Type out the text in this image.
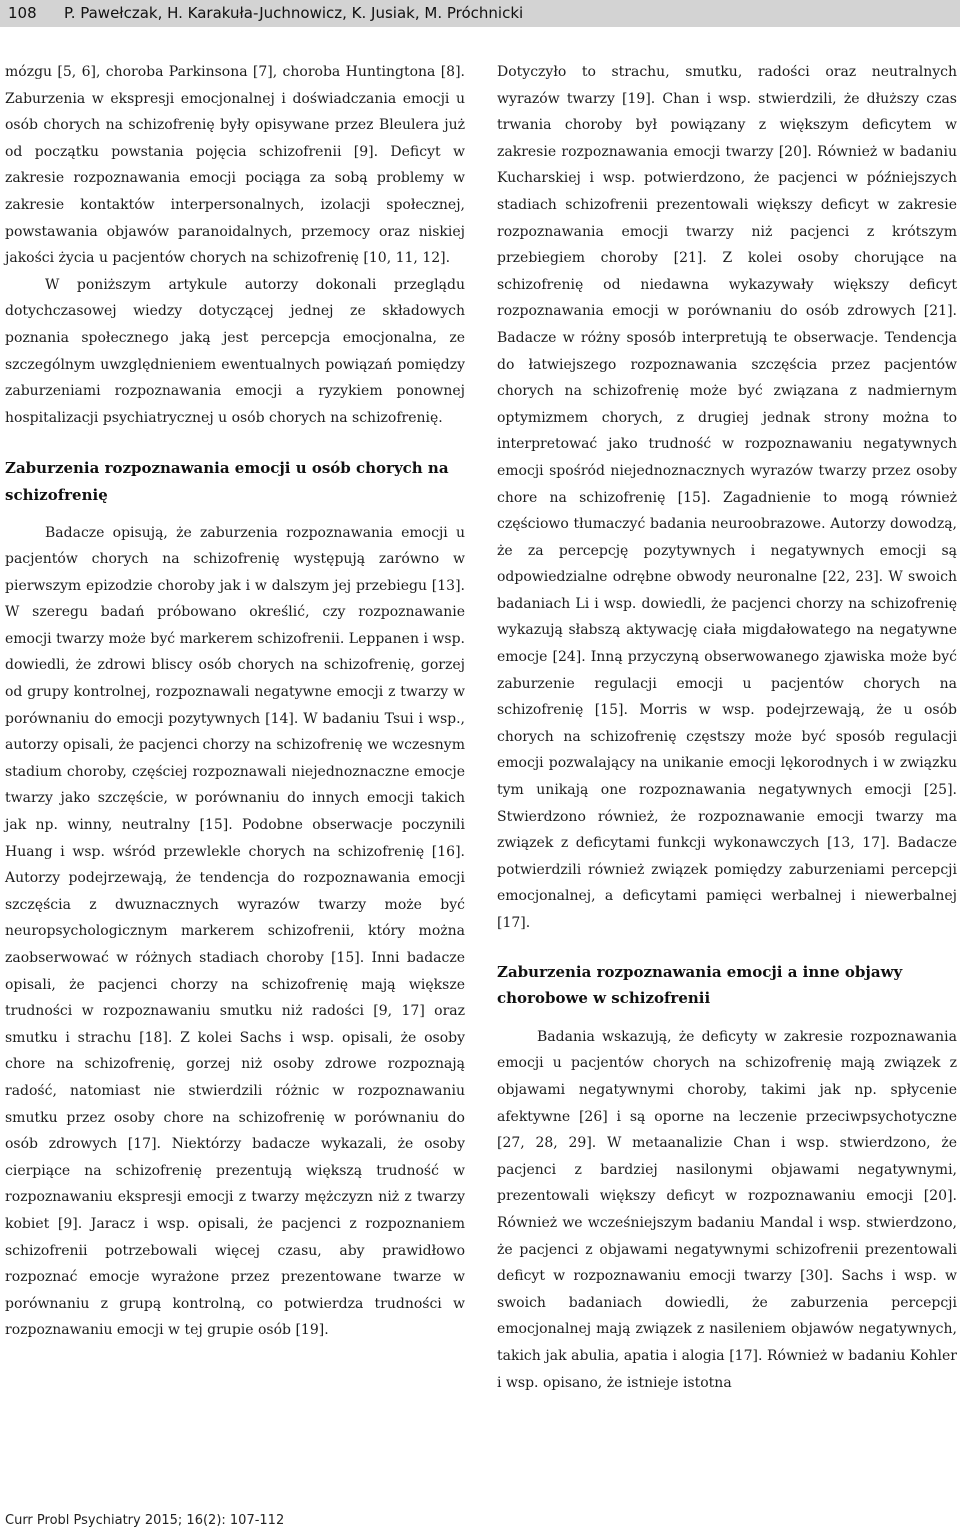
108 P. Pawełczak, H. Karakuła-Juchnowicz, K. Jusiak, M. Próchnicki

mózgu [5, 6], choroba Parkinsona [7], choroba Huntingtona [8]. Zaburzenia w ekspresji emocjonalnej i doświadczania emocji u osób chorych na schizofrenię były opisywane przez Bleulera już od początku powstania pojęcia schizofrenii [9]. Deficyt w zakresie rozpoznawania emocji pociąga za sobą problemy w zakresie kontaktów interpersonalnych, izolacji społecznej, powstawania objawów paranoidalnych, przemocy oraz niskiej jakości życia u pacjentów chorych na schizofrenię [10, 11, 12].

W poniższym artykule autorzy dokonali przeglądu dotychczasowej wiedzy dotyczącej jednej ze składowych poznania społecznego jaką jest percepcja emocjonalna, ze szczególnym uwzględnieniem ewentualnych powiązań pomiędzy zaburzeniami rozpoznawania emocji a ryzykiem ponownej hospitalizacji psychiatrycznej u osób chorych na schizofrenię.

Zaburzenia rozpoznawania emocji u osób chorych na schizofrenię

Badacze opisują, że zaburzenia rozpoznawania emocji u pacjentów chorych na schizofrenię występują zarówno w pierwszym epizodzie choroby jak i w dalszym jej przebiegu [13]. W szeregu badań próbowano określić, czy rozpoznawanie emocji twarzy może być markerem schizofrenii. Leppanen i wsp. dowiedli, że zdrowi bliscy osób chorych na schizofrenię, gorzej od grupy kontrolnej, rozpoznawali negatywne emocji z twarzy w porównaniu do emocji pozytywnych [14]. W badaniu Tsui i wsp., autorzy opisali, że pacjenci chorzy na schizofrenię we wczesnym stadium choroby, częściej rozpoznawali niejednoznaczne emocje twarzy jako szczęście, w porównaniu do innych emocji takich jak np. winny, neutralny [15]. Podobne obserwacje poczynili Huang i wsp. wśród przewlekle chorych na schizofrenię [16]. Autorzy podejrzewają, że tendencja do rozpoznawania emocji szczęścia z dwuznacznych wyrazów twarzy może być neuropsychologicznym markerem schizofrenii, który można zaobserwować w różnych stadiach choroby [15]. Inni badacze opisali, że pacjenci chorzy na schizofrenię mają większe trudności w rozpoznawaniu smutku niż radości [9, 17] oraz smutku i strachu [18]. Z kolei Sachs i wsp. opisali, że osoby chore na schizofrenię, gorzej niż osoby zdrowe rozpoznają radość, natomiast nie stwierdzili różnic w rozpoznawaniu smutku przez osoby chore na schizofrenię w porównaniu do osób zdrowych [17]. Niektórzy badacze wykazali, że osoby cierpiące na schizofrenię prezentują większą trudność w rozpoznawaniu ekspresji emocji z twarzy mężczyzn niż z twarzy kobiet [9]. Jaracz i wsp. opisali, że pacjenci z rozpoznaniem schizofrenii potrzebowali więcej czasu, aby prawidłowo rozpoznać emocje wyrażone przez prezentowane twarze w porównaniu z grupą kontrolną, co potwierdza trudności w rozpoznawaniu emocji w tej grupie osób [19].

Dotyczyło to strachu, smutku, radości oraz neutralnych wyrazów twarzy [19]. Chan i wsp. stwierdzili, że dłuższy czas trwania choroby był powiązany z większym deficytem w zakresie rozpoznawania emocji twarzy [20]. Również w badaniu Kucharskiej i wsp. potwierdzono, że pacjenci w późniejszych stadiach schizofrenii prezentowali większy deficyt w zakresie rozpoznawania emocji twarzy niż pacjenci z krótszym przebiegiem choroby [21]. Z kolei osoby chorujące na schizofrenię od niedawna wykazywały większy deficyt rozpoznawania emocji w porównaniu do osób zdrowych [21]. Badacze w różny sposób interpretują te obserwacje. Tendencja do łatwiejszego rozpoznawania szczęścia przez pacjentów chorych na schizofrenię może być związana z nadmiernym optymizmem chorych, z drugiej jednak strony można to interpretować jako trudność w rozpoznawaniu negatywnych emocji spośród niejednoznacznych wyrazów twarzy przez osoby chore na schizofrenię [15]. Zagadnienie to mogą również częściowo tłumaczyć badania neuroobrazowe. Autorzy dowodzą, że za percepcję pozytywnych i negatywnych emocji są odpowiedzialne odrębne obwody neuronalne [22, 23]. W swoich badaniach Li i wsp. dowiedli, że pacjenci chorzy na schizofrenię wykazują słabszą aktywację ciała migdałowatego na negatywne emocje [24]. Inną przyczyną obserwowanego zjawiska może być zaburzenie regulacji emocji u pacjentów chorych na schizofrenię [15]. Morris w wsp. podejrzewają, że u osób chorych na schizofrenię częstszy może być sposób regulacji emocji pozwalający na unikanie emocji lękorodnych i w związku tym unikają one rozpoznawania negatywnych emocji [25]. Stwierdzono również, że rozpoznawanie emocji twarzy ma związek z deficytami funkcji wykonawczych [13, 17]. Badacze potwierdzili również związek pomiędzy zaburzeniami percepcji emocjonalnej, a deficytami pamięci werbalnej i niewerbalnej [17].

Zaburzenia rozpoznawania emocji a inne objawy chorobowe w schizofrenii

Badania wskazują, że deficyty w zakresie rozpoznawania emocji u pacjentów chorych na schizofrenię mają związek z objawami negatywnymi choroby, takimi jak np. spłycenie afektywne [26] i są oporne na leczenie przeciwpsychotyczne [27, 28, 29]. W metaanalizie Chan i wsp. stwierdzono, że pacjenci z bardziej nasilonymi objawami negatywnymi, prezentowali większy deficyt w rozpoznawaniu emocji [20]. Również we wcześniejszym badaniu Mandal i wsp. stwierdzono, że pacjenci z objawami negatywnymi schizofrenii prezentowali deficyt w rozpoznawaniu emocji twarzy [30]. Sachs i wsp. w swoich badaniach dowiedli, że zaburzenia percepcji emocjonalnej mają związek z nasileniem objawów negatywnych, takich jak abulia, apatia i alogia [17]. Również w badaniu Kohler i wsp. opisano, że istnieje istotna

Curr Probl Psychiatry 2015; 16(2): 107-112
